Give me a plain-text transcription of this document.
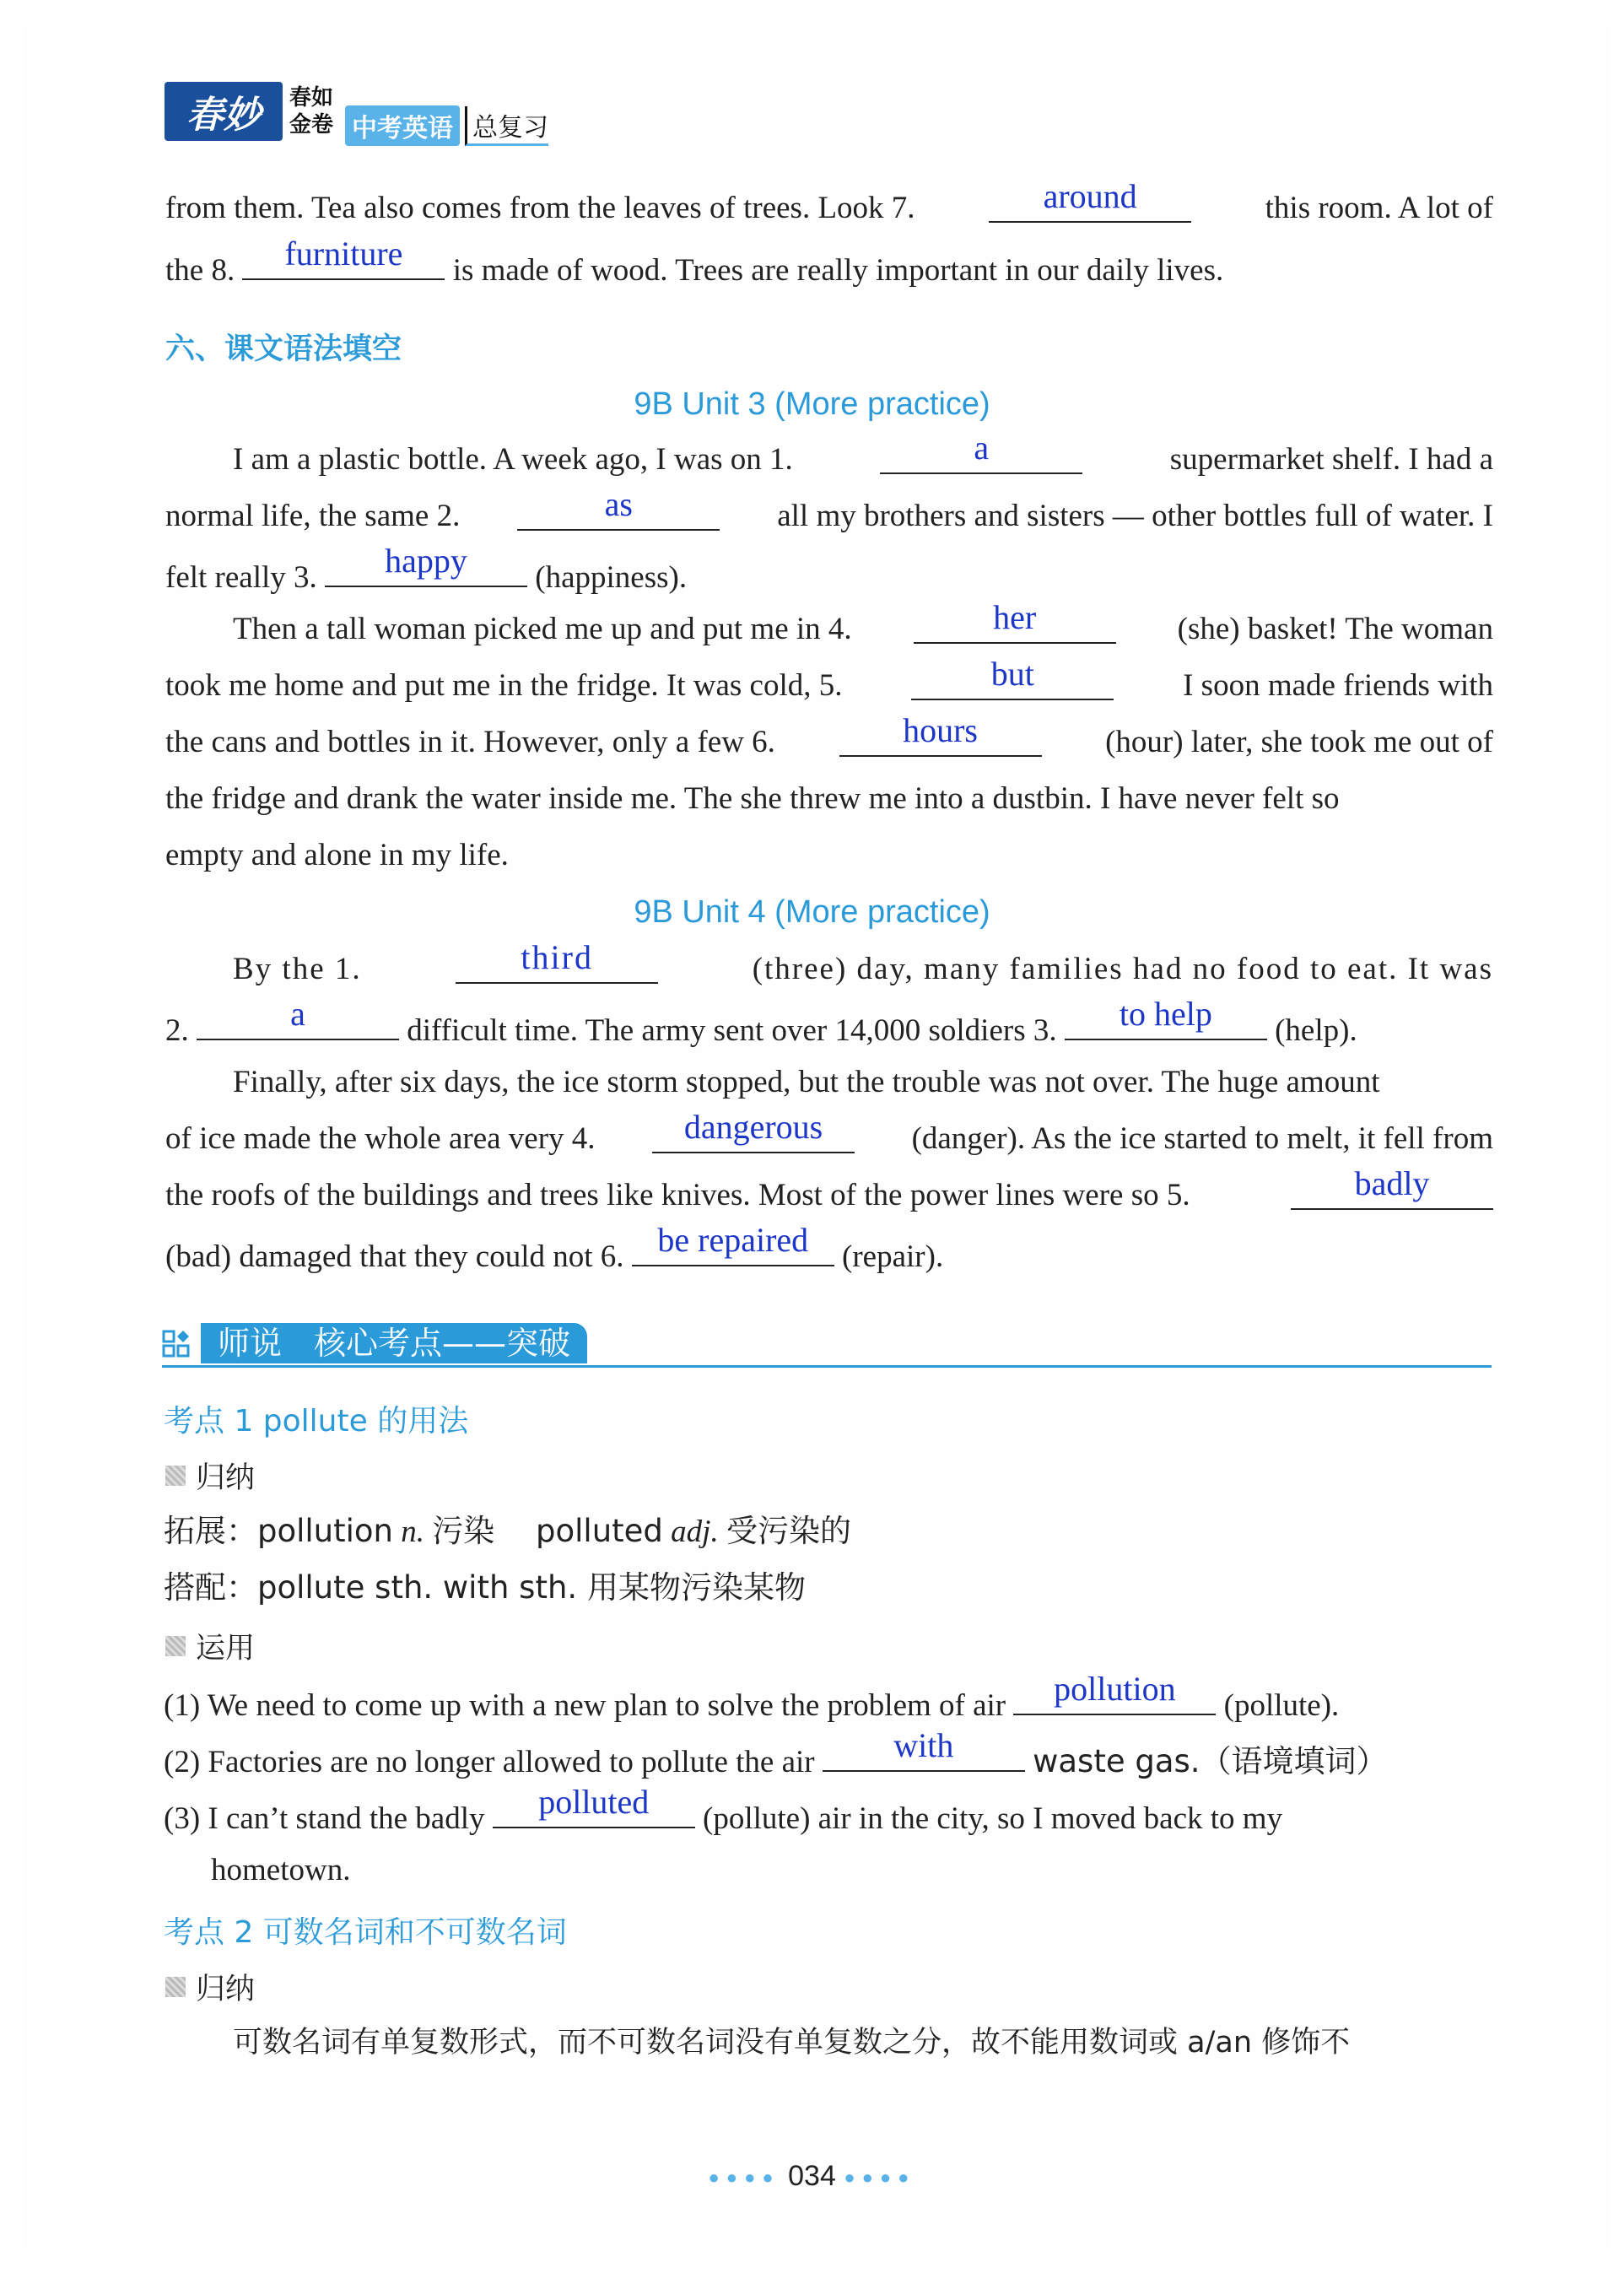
春妙	春如金卷 中考英语 总复习
from them. Tea also comes from the leaves of trees. Look 7.	around	this room. A lot of
the 8.	furniture	is made of wood. Trees are really important in our daily lives.
六、课文语法填空
9B Unit 3 (More practice)
I am a plastic bottle. A week ago, I was on 1.	a	supermarket shelf. I had a
normal life, the same 2.	as	all my brothers and sisters — other bottles full of water. I
felt really 3.	happy	(happiness).
Then a tall woman picked me up and put me in 4.	her	(she) basket! The woman
took me home and put me in the fridge. It was cold, 5.	but	I soon made friends with
the cans and bottles in it. However, only a few 6.	hours	(hour) later, she took me out of
the fridge and drank the water inside me. The she threw me into a dustbin. I have never felt so
empty and alone in my life.
9B Unit 4 (More practice)
By the 1.	third	(three) day, many families had no food to eat. It was
2.	a	difficult time. The army sent over 14,000 soldiers 3.	to help	(help).
Finally, after six days, the ice storm stopped, but the trouble was not over. The huge amount
of ice made the whole area very 4.	dangerous	(danger). As the ice started to melt, it fell from
the roofs of the buildings and trees like knives. Most of the power lines were so 5.	badly
(bad) damaged that they could not 6. be repaired	(repair).
师说　核心考点——突破
考点 1 pollute 的用法
归纳
拓展：pollution n. 污染　 polluted adj. 受污染的
搭配：pollute sth. with sth. 用某物污染某物
运用
(1) We need to come up with a new plan to solve the problem of air	pollution	(pollute).
(2) Factories are no longer allowed to pollute the air	with	waste gas.（语境填词）
(3) I can’t stand the badly	polluted	(pollute) air in the city, so I moved back to my
hometown.
考点 2 可数名词和不可数名词
归纳
可数名词有单复数形式，而不可数名词没有单复数之分，故不能用数词或 a/an 修饰不
●●●● 034 ●●●●
